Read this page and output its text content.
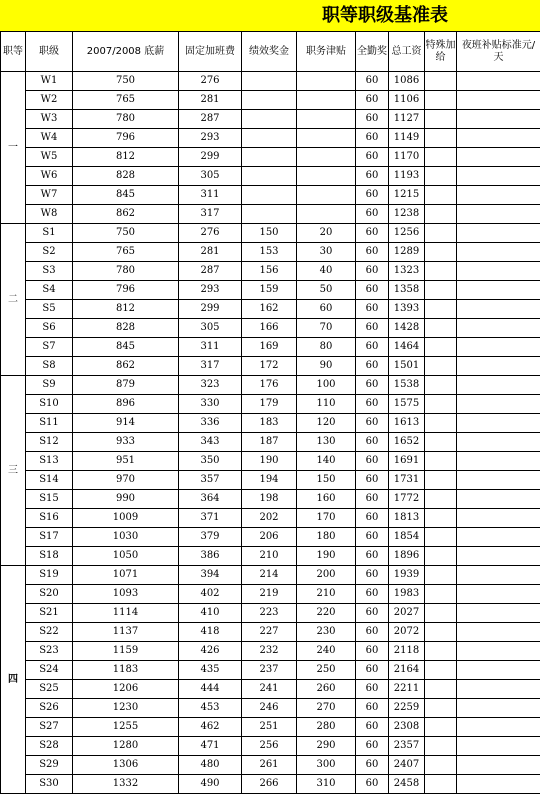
职等职级基准表
职等	职级	2007/2008 底薪	固定加班费	绩效奖金	职务津贴	全勤奖	总工资	特殊加给	夜班补贴标准元/天
一	W1	750	276			60	1086		
	W2	765	281			60	1106		
	W3	780	287			60	1127		
	W4	796	293			60	1149		
	W5	812	299			60	1170		
	W6	828	305			60	1193		
	W7	845	311			60	1215		
	W8	862	317			60	1238		
二	S1	750	276	150	20	60	1256		
	S2	765	281	153	30	60	1289		
	S3	780	287	156	40	60	1323		
	S4	796	293	159	50	60	1358		
	S5	812	299	162	60	60	1393		
	S6	828	305	166	70	60	1428		
	S7	845	311	169	80	60	1464		
	S8	862	317	172	90	60	1501		
三	S9	879	323	176	100	60	1538		
	S10	896	330	179	110	60	1575		
	S11	914	336	183	120	60	1613		
	S12	933	343	187	130	60	1652		
	S13	951	350	190	140	60	1691		
	S14	970	357	194	150	60	1731		
	S15	990	364	198	160	60	1772		
	S16	1009	371	202	170	60	1813		
	S17	1030	379	206	180	60	1854		
	S18	1050	386	210	190	60	1896		
四	S19	1071	394	214	200	60	1939		
	S20	1093	402	219	210	60	1983		
	S21	1114	410	223	220	60	2027		
	S22	1137	418	227	230	60	2072		
	S23	1159	426	232	240	60	2118		
	S24	1183	435	237	250	60	2164		
	S25	1206	444	241	260	60	2211		
	S26	1230	453	246	270	60	2259		
	S27	1255	462	251	280	60	2308		
	S28	1280	471	256	290	60	2357		
	S29	1306	480	261	300	60	2407		
	S30	1332	490	266	310	60	2458		
